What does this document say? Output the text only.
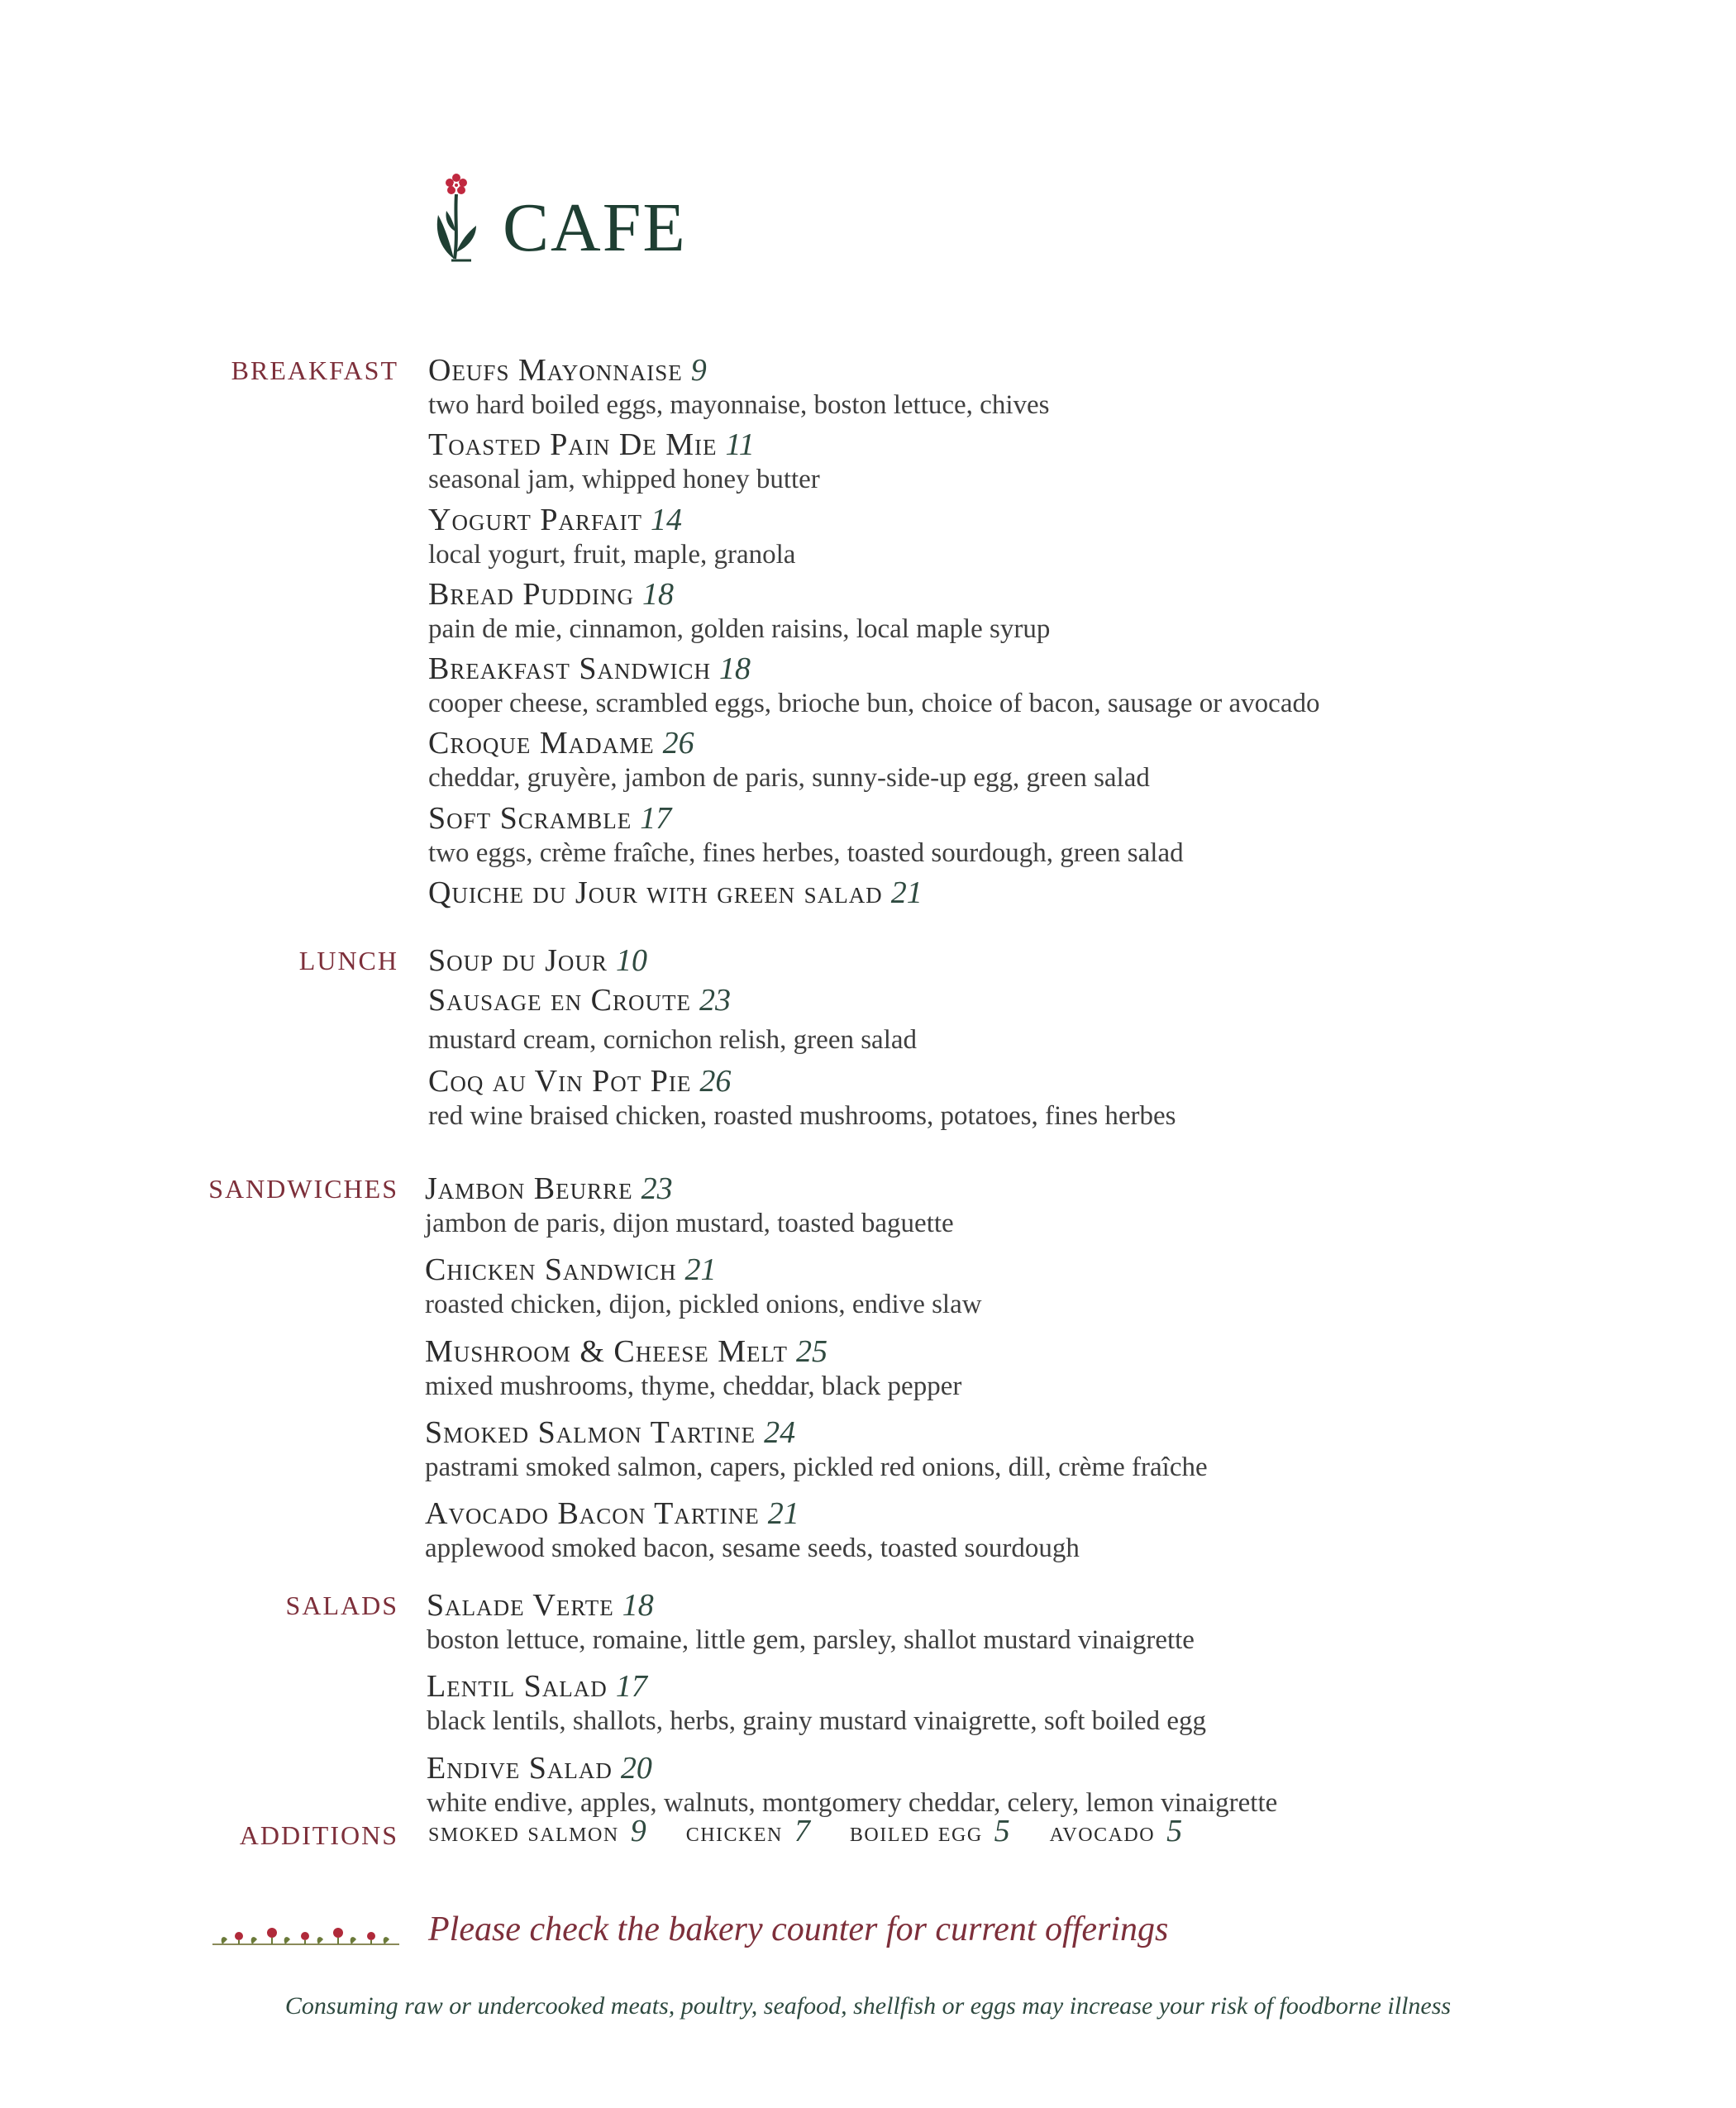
CAFE
BREAKFAST Oeufs Mayonnaise 9
two hard boiled eggs, mayonnaise, boston lettuce, chives
Toasted Pain De Mie 11
seasonal jam, whipped honey butter
Yogurt Parfait 14
local yogurt, fruit, maple, granola
Bread Pudding 18
pain de mie, cinnamon, golden raisins, local maple syrup
Breakfast Sandwich 18
cooper cheese, scrambled eggs, brioche bun, choice of bacon, sausage or avocado
Croque Madame 26
cheddar, gruyère, jambon de paris, sunny-side-up egg, green salad
Soft Scramble 17
two eggs, crème fraîche, fines herbes, toasted sourdough, green salad
Quiche du Jour with green salad 21
LUNCH Soup du Jour 10
Sausage en Croute 23
mustard cream, cornichon relish, green salad
Coq au Vin Pot Pie 26
red wine braised chicken, roasted mushrooms, potatoes, fines herbes
SANDWICHES Jambon Beurre 23
jambon de paris, dijon mustard, toasted baguette
Chicken Sandwich 21
roasted chicken, dijon, pickled onions, endive slaw
Mushroom & Cheese Melt 25
mixed mushrooms, thyme, cheddar, black pepper
Smoked Salmon Tartine 24
pastrami smoked salmon, capers, pickled red onions, dill, crème fraîche
Avocado Bacon Tartine 21
applewood smoked bacon, sesame seeds, toasted sourdough
SALADS Salade Verte 18
boston lettuce, romaine, little gem, parsley, shallot mustard vinaigrette
Lentil Salad 17
black lentils, shallots, herbs, grainy mustard vinaigrette, soft boiled egg
Endive Salad 20
white endive, apples, walnuts, montgomery cheddar, celery, lemon vinaigrette
ADDITIONS smoked salmon 9 chicken 7 boiled egg 5 avocado 5
Please check the bakery counter for current offerings
Consuming raw or undercooked meats, poultry, seafood, shellfish or eggs may increase your risk of foodborne illness
